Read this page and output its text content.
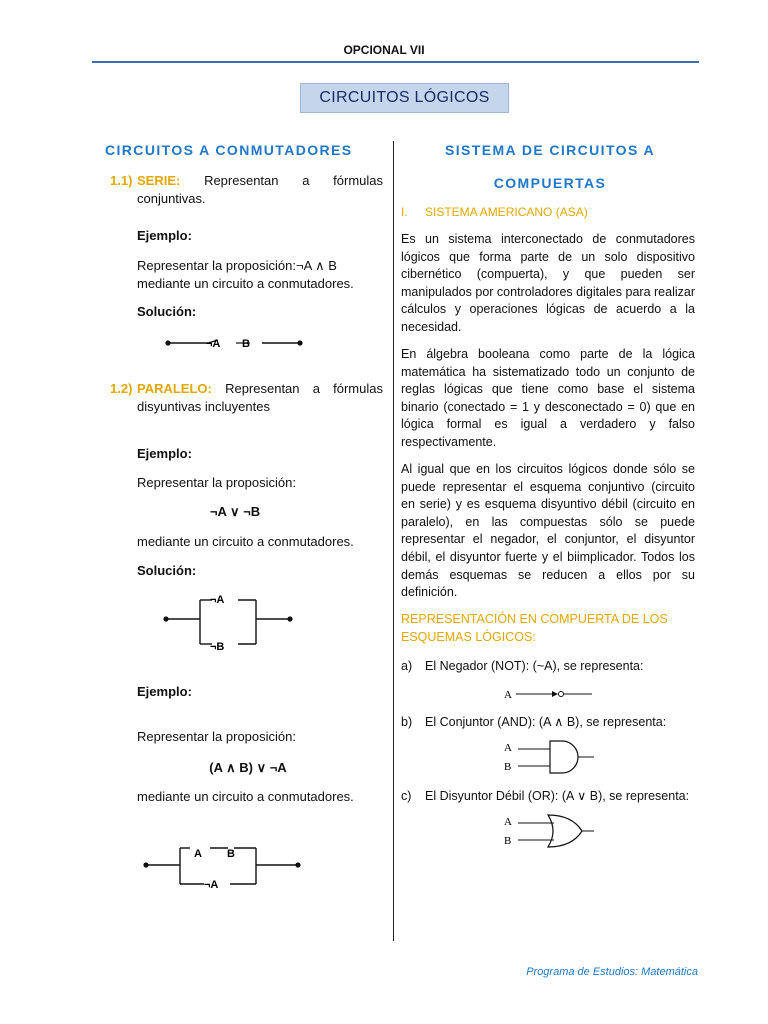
OPCIONAL VII
CIRCUITOS LÓGICOS
CIRCUITOS A CONMUTADORES
1.1) SERIE: Representan a fórmulas conjuntivas.
Ejemplo:
Representar la proposición:¬A ∧ B mediante un circuito a conmutadores.
Solución:
¬A B
1.2) PARALELO: Representan a fórmulas disyuntivas incluyentes
Ejemplo:
Representar la proposición:
¬A ∨ ¬B
mediante un circuito a conmutadores.
Solución:
¬A
¬B
Ejemplo:
Representar la proposición:
(A ∧ B) ∨ ¬A
mediante un circuito a conmutadores.
A B
¬A
SISTEMA DE CIRCUITOS A
COMPUERTAS
I. SISTEMA AMERICANO (ASA)
Es un sistema interconectado de conmutadores lógicos que forma parte de un solo dispositivo cibernético (compuerta), y que pueden ser manipulados por controladores digitales para realizar cálculos y operaciones lógicas de acuerdo a la necesidad.
En álgebra booleana como parte de la lógica matemática ha sistematizado todo un conjunto de reglas lógicas que tiene como base el sistema binario (conectado = 1 y desconectado = 0) que en lógica formal es igual a verdadero y falso respectivamente.
Al igual que en los circuitos lógicos donde sólo se puede representar el esquema conjuntivo (circuito en serie) y es esquema disyuntivo débil (circuito en paralelo), en las compuestas sólo se puede representar el negador, el conjuntor, el disyuntor débil, el disyuntor fuerte y el biimplicador. Todos los demás esquemas se reducen a ellos por su definición.
REPRESENTACIÓN EN COMPUERTA DE LOS ESQUEMAS LÓGICOS:
a) El Negador (NOT): (~A), se representa:
A
b) El Conjuntor (AND): (A ∧ B), se representa:
A
B
c) El Disyuntor Débil (OR): (A ∨ B), se representa:
A
B
Programa de Estudios: Matemática
